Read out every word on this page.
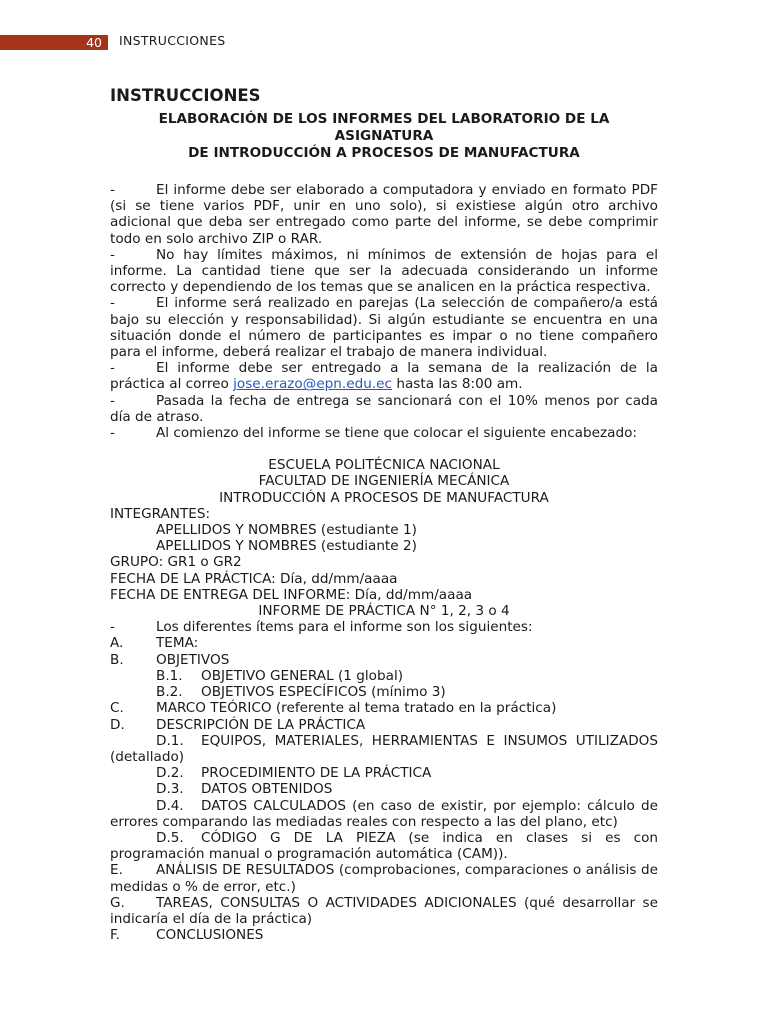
40 INSTRUCCIONES
INSTRUCCIONES
ELABORACIÓN DE LOS INFORMES DEL LABORATORIO DE LA ASIGNATURA
DE INTRODUCCIÓN A PROCESOS DE MANUFACTURA
-	El informe debe ser elaborado a computadora y enviado en formato PDF (si se tiene varios PDF, unir en uno solo), si existiese algún otro archivo adicional que deba ser entregado como parte del informe, se debe comprimir todo en solo archivo ZIP o RAR.
-	No hay límites máximos, ni mínimos de extensión de hojas para el informe. La cantidad tiene que ser la adecuada considerando un informe correcto y dependiendo de los temas que se analicen en la práctica respectiva.
-	El informe será realizado en parejas (La selección de compañero/a está bajo su elección y responsabilidad). Si algún estudiante se encuentra en una situación donde el número de participantes es impar o no tiene compañero para el informe, deberá realizar el trabajo de manera individual.
-	El informe debe ser entregado a la semana de la realización de la práctica al correo jose.erazo@epn.edu.ec hasta las 8:00 am.
-	Pasada la fecha de entrega se sancionará con el 10% menos por cada día de atraso.
-	Al comienzo del informe se tiene que colocar el siguiente encabezado:
ESCUELA POLITÉCNICA NACIONAL
FACULTAD DE INGENIERÍA MECÁNICA
INTRODUCCIÓN A PROCESOS DE MANUFACTURA
INTEGRANTES:
APELLIDOS Y NOMBRES (estudiante 1)
APELLIDOS Y NOMBRES (estudiante 2)
GRUPO: GR1 o GR2
FECHA DE LA PRÁCTICA: Día, dd/mm/aaaa
FECHA DE ENTREGA DEL INFORME: Día, dd/mm/aaaa
INFORME DE PRÁCTICA N° 1, 2, 3 o 4
-	Los diferentes ítems para el informe son los siguientes:
A. TEMA:
B. OBJETIVOS
B.1. OBJETIVO GENERAL (1 global)
B.2. OBJETIVOS ESPECÍFICOS (mínimo 3)
C. MARCO TEÓRICO (referente al tema tratado en la práctica)
D. DESCRIPCIÓN DE LA PRÁCTICA
D.1. EQUIPOS, MATERIALES, HERRAMIENTAS E INSUMOS UTILIZADOS (detallado)
D.2. PROCEDIMIENTO DE LA PRÁCTICA
D.3. DATOS OBTENIDOS
D.4. DATOS CALCULADOS (en caso de existir, por ejemplo: cálculo de errores comparando las mediadas reales con respecto a las del plano, etc)
D.5. CÓDIGO G DE LA PIEZA (se indica en clases si es con programación manual o programación automática (CAM)).
E. ANÁLISIS DE RESULTADOS (comprobaciones, comparaciones o análisis de medidas o % de error, etc.)
G. TAREAS, CONSULTAS O ACTIVIDADES ADICIONALES (qué desarrollar se indicaría el día de la práctica)
F.	CONCLUSIONES
